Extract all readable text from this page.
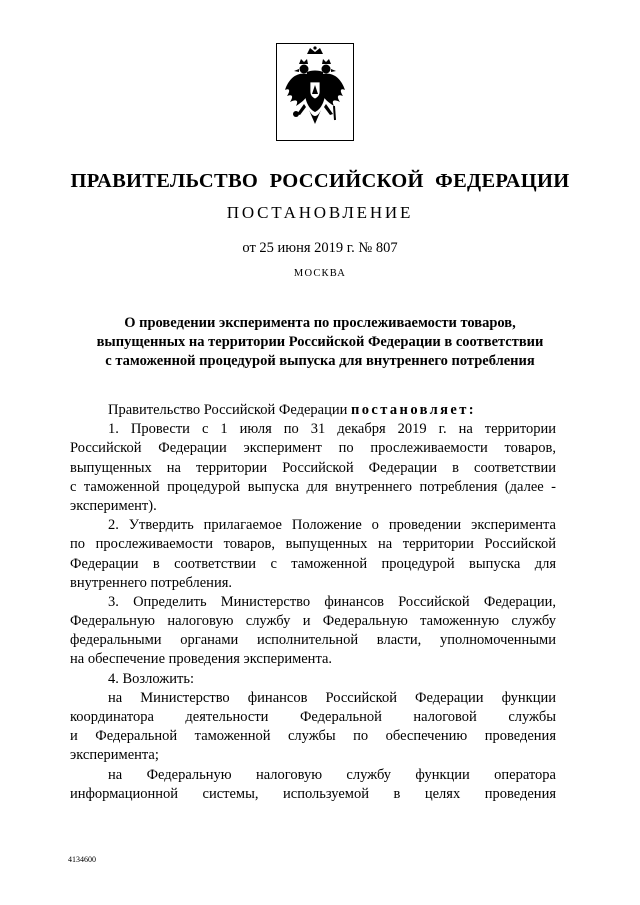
ПРАВИТЕЛЬСТВО РОССИЙСКОЙ ФЕДЕРАЦИИ
ПОСТАНОВЛЕНИЕ
от 25 июня 2019 г. № 807
МОСКВА
О проведении эксперимента по прослеживаемости товаров,
выпущенных на территории Российской Федерации в соответствии
с таможенной процедурой выпуска для внутреннего потребления
Правительство Российской Федерации постановляет:
1. Провести с 1 июля по 31 декабря 2019 г. на территории
Российской Федерации эксперимент по прослеживаемости товаров,
выпущенных на территории Российской Федерации в соответствии
с таможенной процедурой выпуска для внутреннего потребления (далее -
эксперимент).
2. Утвердить прилагаемое Положение о проведении эксперимента
по прослеживаемости товаров, выпущенных на территории Российской
Федерации в соответствии с таможенной процедурой выпуска для
внутреннего потребления.
3. Определить Министерство финансов Российской Федерации,
Федеральную налоговую службу и Федеральную таможенную службу
федеральными органами исполнительной власти, уполномоченными
на обеспечение проведения эксперимента.
4. Возложить:
на Министерство финансов Российской Федерации функции
координатора деятельности Федеральной налоговой службы
и Федеральной таможенной службы по обеспечению проведения
эксперимента;
на Федеральную налоговую службу функции оператора
информационной системы, используемой в целях проведения
4134600
